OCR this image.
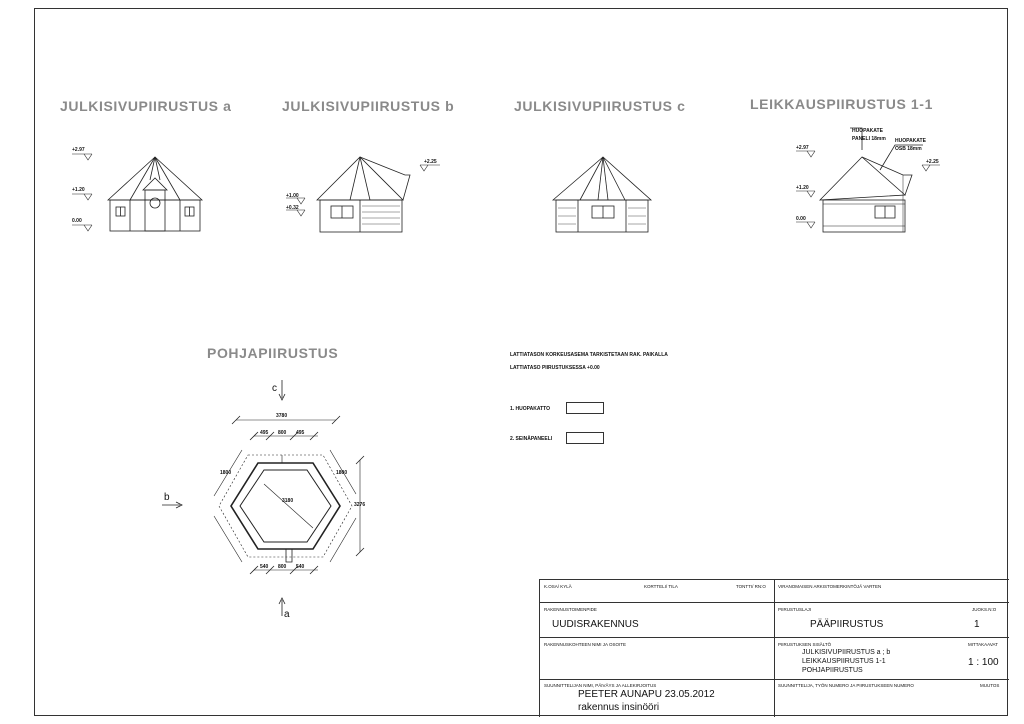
JULKISIVUPIIRUSTUS a	JULKISIVUPIIRUSTUS b	JULKISIVUPIIRUSTUS c	LEIKKAUSPIIRUSTUS 1-1
POHJAPIIRUSTUS
+2.97
+1.20
0.00
+2.25
+1.00
+0.32
+2.97
+1.20
0.00
+2.25
HUOPAKATE
PANELI 18mm HUOPAKATE
OSB 18mm
LATTIATASON KORKEUSASEMA TARKISTETAAN RAK. PAIKALLA
LATTIATASO PIIRUSTUKSESSA +0.00
1. HUOPAKATTO
2. SEINÄPANEELI
c
b
a
3780
495 800 495
540 800 540
1800	1800
3276
3180
K.OSA/ KYLÄ	KORTTELI/ TILA	TONTTI/ RN:O	VIRANOMAISEN ARKISTOMERKINTÖJÄ VARTEN
RAKENNUSTOIMENPIDE
UUDISRAKENNUS
PIIRUSTUSLAJI
PÄÄPIIRUSTUS
JUOKS.N:O
1
RAKENNUSKOHTEEN NIMI JA OSOITE	PIIRUSTUKSEN SISÄLTÖ
JULKISIVUPIIRUSTUS a ; b
LEIKKAUSPIIRUSTUS 1-1
POHJAPIIRUSTUS
MITTAKAAVAT
1 : 100
SUUNNITTELIJAN NIMI, PÄIVÄYS JA ALLEKIRJOITUS
PEETER AUNAPU 23.05.2012
rakennus insinööri
SUUNNITTELIJA, TYÖN NUMERO JA PIIRUSTUKSEEN NUMERO	MUUTOS
